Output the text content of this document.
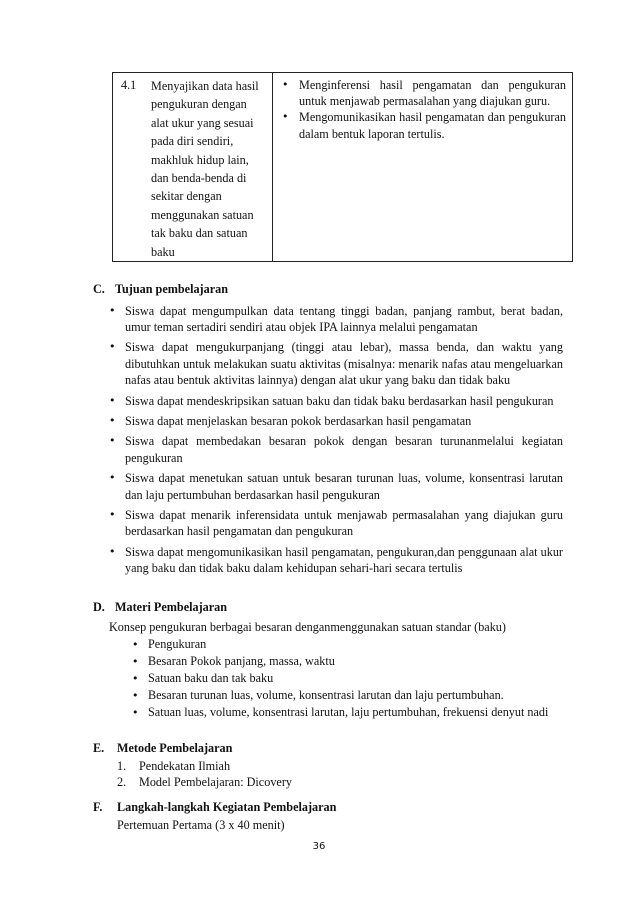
4.1	Menyajikan data hasil
pengukuran dengan
alat ukur yang sesuai
pada diri sendiri,
makhluk hidup lain,
dan benda-benda di
sekitar dengan
menggunakan satuan
tak baku dan satuan
baku

• Menginferensi hasil pengamatan dan pengukuran untuk menjawab permasalahan yang diajukan guru.
• Mengomunikasikan hasil pengamatan dan pengukuran dalam bentuk laporan tertulis.
C. Tujuan pembelajaran
• Siswa dapat mengumpulkan data tentang tinggi badan, panjang rambut, berat badan, umur teman sertadiri sendiri atau objek IPA lainnya melalui pengamatan
• Siswa dapat mengukurpanjang (tinggi atau lebar), massa benda, dan waktu yang dibutuhkan untuk melakukan suatu aktivitas (misalnya: menarik nafas atau mengeluarkan nafas atau bentuk aktivitas lainnya) dengan alat ukur yang baku dan tidak baku
• Siswa dapat mendeskripsikan satuan baku dan tidak baku berdasarkan hasil pengukuran
• Siswa dapat menjelaskan besaran pokok berdasarkan hasil pengamatan
• Siswa dapat membedakan besaran pokok dengan besaran turunanmelalui kegiatan pengukuran
• Siswa dapat menetukan satuan untuk besaran turunan luas, volume, konsentrasi larutan dan laju pertumbuhan berdasarkan hasil pengukuran
• Siswa dapat menarik inferensidata untuk menjawab permasalahan yang diajukan guru berdasarkan hasil pengamatan dan pengukuran
• Siswa dapat mengomunikasikan hasil pengamatan, pengukuran,dan penggunaan alat ukur yang baku dan tidak baku dalam kehidupan sehari-hari secara tertulis
D. Materi Pembelajaran
Konsep pengukuran berbagai besaran denganmenggunakan satuan standar (baku)
• Pengukuran
• Besaran Pokok panjang, massa, waktu
• Satuan baku dan tak baku
• Besaran turunan luas, volume, konsentrasi larutan dan laju pertumbuhan.
• Satuan luas, volume, konsentrasi larutan, laju pertumbuhan, frekuensi denyut nadi
E.	Metode Pembelajaran
1.	Pendekatan Ilmiah
2.	Model Pembelajaran: Dicovery
F.	Langkah-langkah Kegiatan Pembelajaran
Pertemuan Pertama (3 x 40 menit)
36
